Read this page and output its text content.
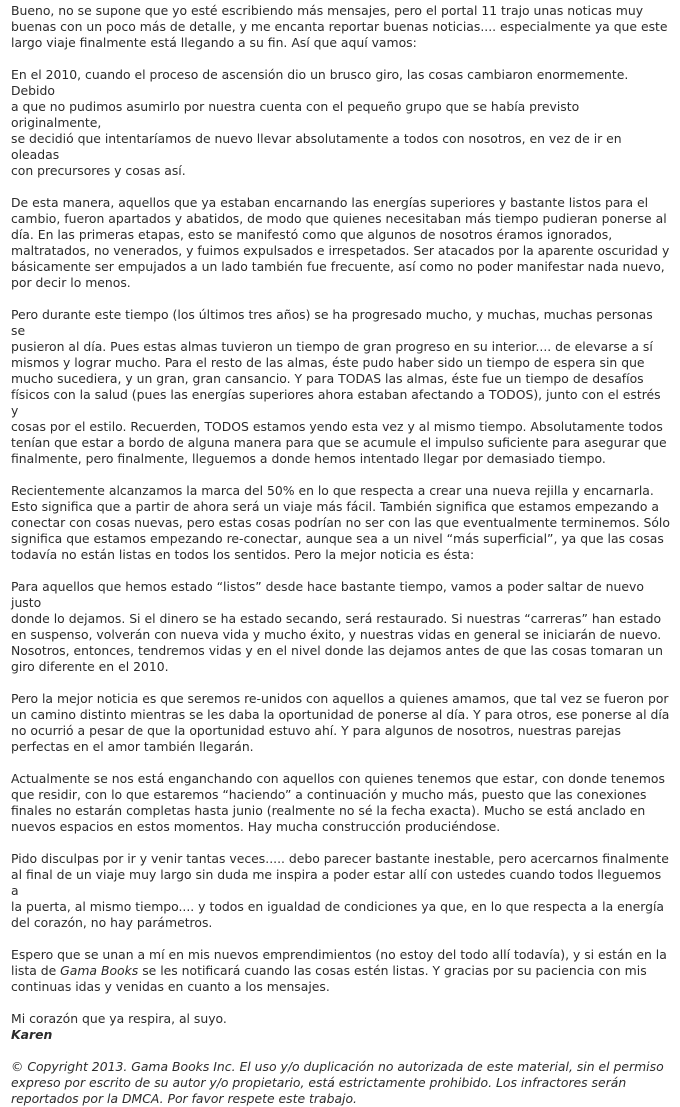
Bueno, no se supone que yo esté escribiendo más mensajes, pero el portal 11 trajo unas noticas muy
buenas con un poco más de detalle, y me encanta reportar buenas noticias.... especialmente ya que este
largo viaje finalmente está llegando a su fin. Así que aquí vamos:

En el 2010, cuando el proceso de ascensión dio un brusco giro, las cosas cambiaron enormemente. Debido
a que no pudimos asumirlo por nuestra cuenta con el pequeño grupo que se había previsto originalmente,
se decidió que intentaríamos de nuevo llevar absolutamente a todos con nosotros, en vez de ir en oleadas
con precursores y cosas así.

De esta manera, aquellos que ya estaban encarnando las energías superiores y bastante listos para el
cambio, fueron apartados y abatidos, de modo que quienes necesitaban más tiempo pudieran ponerse al
día. En las primeras etapas, esto se manifestó como que algunos de nosotros éramos ignorados,
maltratados, no venerados, y fuimos expulsados e irrespetados. Ser atacados por la aparente oscuridad y
básicamente ser empujados a un lado también fue frecuente, así como no poder manifestar nada nuevo,
por decir lo menos.

Pero durante este tiempo (los últimos tres años) se ha progresado mucho, y muchas, muchas personas se
pusieron al día. Pues estas almas tuvieron un tiempo de gran progreso en su interior.... de elevarse a sí
mismos y lograr mucho. Para el resto de las almas, éste pudo haber sido un tiempo de espera sin que
mucho sucediera, y un gran, gran cansancio. Y para TODAS las almas, éste fue un tiempo de desafíos
físicos con la salud (pues las energías superiores ahora estaban afectando a TODOS), junto con el estrés y
cosas por el estilo. Recuerden, TODOS estamos yendo esta vez y al mismo tiempo. Absolutamente todos
tenían que estar a bordo de alguna manera para que se acumule el impulso suficiente para asegurar que
finalmente, pero finalmente, lleguemos a donde hemos intentado llegar por demasiado tiempo.

Recientemente alcanzamos la marca del 50% en lo que respecta a crear una nueva rejilla y encarnarla.
Esto significa que a partir de ahora será un viaje más fácil. También significa que estamos empezando a
conectar con cosas nuevas, pero estas cosas podrían no ser con las que eventualmente terminemos. Sólo
significa que estamos empezando re-conectar, aunque sea a un nivel “más superficial”, ya que las cosas
todavía no están listas en todos los sentidos. Pero la mejor noticia es ésta:

Para aquellos que hemos estado “listos” desde hace bastante tiempo, vamos a poder saltar de nuevo justo
donde lo dejamos. Si el dinero se ha estado secando, será restaurado. Si nuestras “carreras” han estado
en suspenso, volverán con nueva vida y mucho éxito, y nuestras vidas en general se iniciarán de nuevo.
Nosotros, entonces, tendremos vidas y en el nivel donde las dejamos antes de que las cosas tomaran un
giro diferente en el 2010.

Pero la mejor noticia es que seremos re-unidos con aquellos a quienes amamos, que tal vez se fueron por
un camino distinto mientras se les daba la oportunidad de ponerse al día. Y para otros, ese ponerse al día
no ocurrió a pesar de que la oportunidad estuvo ahí. Y para algunos de nosotros, nuestras parejas
perfectas en el amor también llegarán.

Actualmente se nos está enganchando con aquellos con quienes tenemos que estar, con donde tenemos
que residir, con lo que estaremos “haciendo” a continuación y mucho más, puesto que las conexiones
finales no estarán completas hasta junio (realmente no sé la fecha exacta). Mucho se está anclado en
nuevos espacios en estos momentos. Hay mucha construcción produciéndose.

Pido disculpas por ir y venir tantas veces..... debo parecer bastante inestable, pero acercarnos finalmente
al final de un viaje muy largo sin duda me inspira a poder estar allí con ustedes cuando todos lleguemos a
la puerta, al mismo tiempo.... y todos en igualdad de condiciones ya que, en lo que respecta a la energía
del corazón, no hay parámetros.

Espero que se unan a mí en mis nuevos emprendimientos (no estoy del todo allí todavía), y si están en la
lista de Gama Books se les notificará cuando las cosas estén listas. Y gracias por su paciencia con mis
continuas idas y venidas en cuanto a los mensajes.

Mi corazón que ya respira, al suyo.
Karen

© Copyright 2013. Gama Books Inc. El uso y/o duplicación no autorizada de este material, sin el permiso
expreso por escrito de su autor y/o propietario, está estrictamente prohibido. Los infractores serán
reportados por la DMCA. Por favor respete este trabajo.
